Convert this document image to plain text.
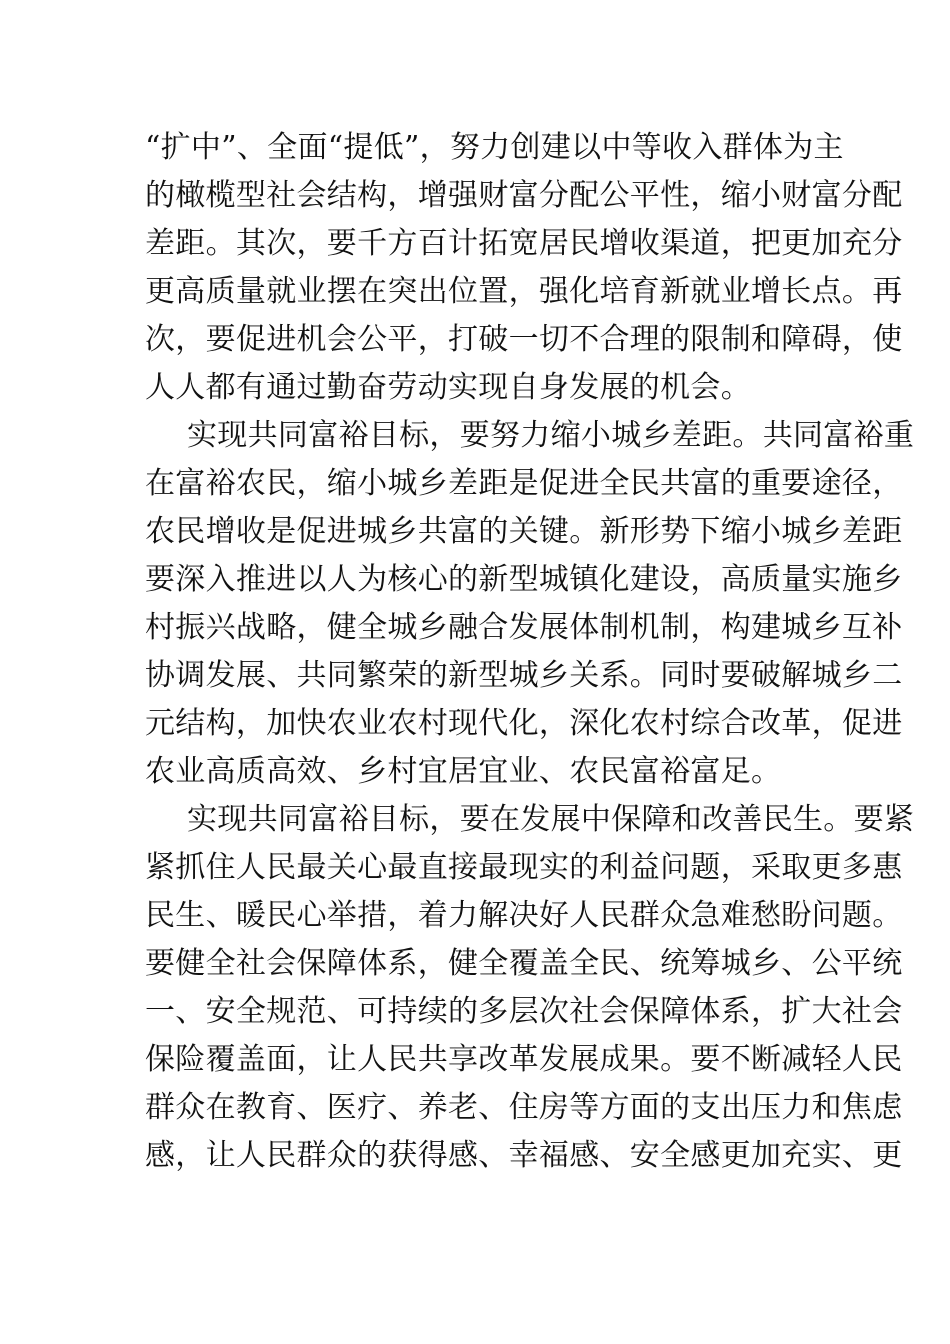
“扩中”、全面“提低”，努力创建以中等收入群体为主
的橄榄型社会结构，增强财富分配公平性，缩小财富分配
差距。其次，要千方百计拓宽居民增收渠道，把更加充分
更高质量就业摆在突出位置，强化培育新就业增长点。再
次，要促进机会公平，打破一切不合理的限制和障碍，使
人人都有通过勤奋劳动实现自身发展的机会。
实现共同富裕目标，要努力缩小城乡差距。共同富裕重
在富裕农民，缩小城乡差距是促进全民共富的重要途径，
农民增收是促进城乡共富的关键。新形势下缩小城乡差距
要深入推进以人为核心的新型城镇化建设，高质量实施乡
村振兴战略，健全城乡融合发展体制机制，构建城乡互补
协调发展、共同繁荣的新型城乡关系。同时要破解城乡二
元结构，加快农业农村现代化，深化农村综合改革，促进
农业高质高效、乡村宜居宜业、农民富裕富足。
实现共同富裕目标，要在发展中保障和改善民生。要紧
紧抓住人民最关心最直接最现实的利益问题，采取更多惠
民生、暖民心举措，着力解决好人民群众急难愁盼问题。
要健全社会保障体系，健全覆盖全民、统筹城乡、公平统
一、安全规范、可持续的多层次社会保障体系，扩大社会
保险覆盖面，让人民共享改革发展成果。要不断减轻人民
群众在教育、医疗、养老、住房等方面的支出压力和焦虑
感，让人民群众的获得感、幸福感、安全感更加充实、更
